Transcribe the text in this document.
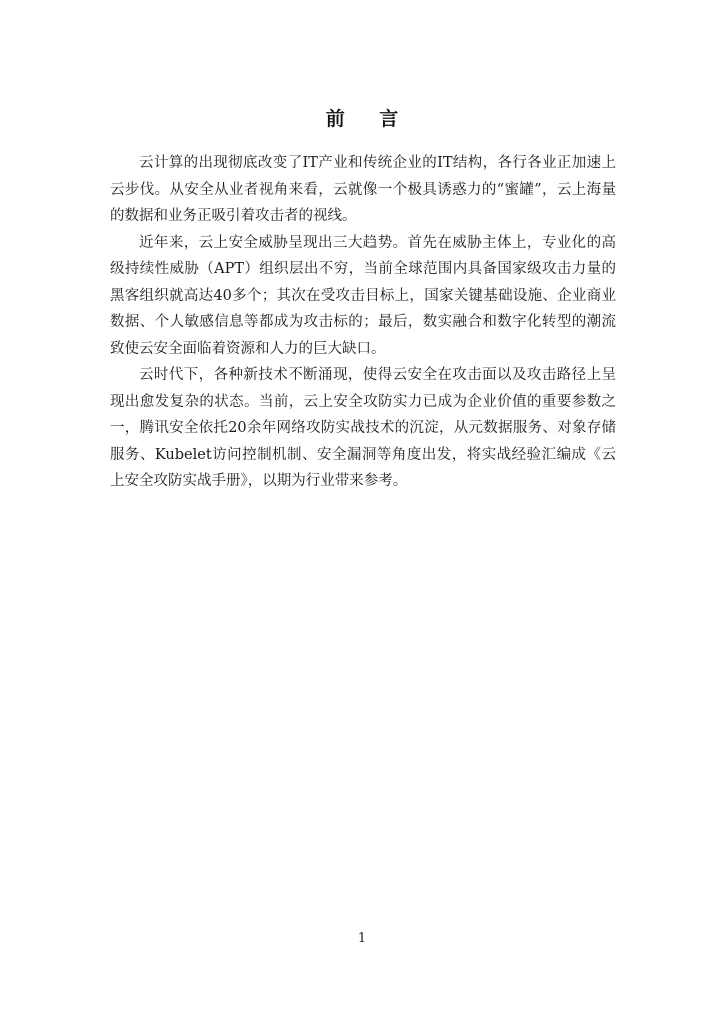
前 言

云计算的出现彻底改变了IT产业和传统企业的IT结构，各行各业正加速上云步伐。从安全从业者视角来看，云就像一个极具诱惑力的“蜜罐”，云上海量的数据和业务正吸引着攻击者的视线。

近年来，云上安全威胁呈现出三大趋势。首先在威胁主体上，专业化的高级持续性威胁（APT）组织层出不穷，当前全球范围内具备国家级攻击力量的黑客组织就高达40多个；其次在受攻击目标上，国家关键基础设施、企业商业数据、个人敏感信息等都成为攻击标的；最后，数实融合和数字化转型的潮流致使云安全面临着资源和人力的巨大缺口。

云时代下，各种新技术不断涌现，使得云安全在攻击面以及攻击路径上呈现出愈发复杂的状态。当前，云上安全攻防实力已成为企业价值的重要参数之一，腾讯安全依托20余年网络攻防实战技术的沉淀，从元数据服务、对象存储服务、Kubelet访问控制机制、安全漏洞等角度出发，将实战经验汇编成《云上安全攻防实战手册》，以期为行业带来参考。

1
